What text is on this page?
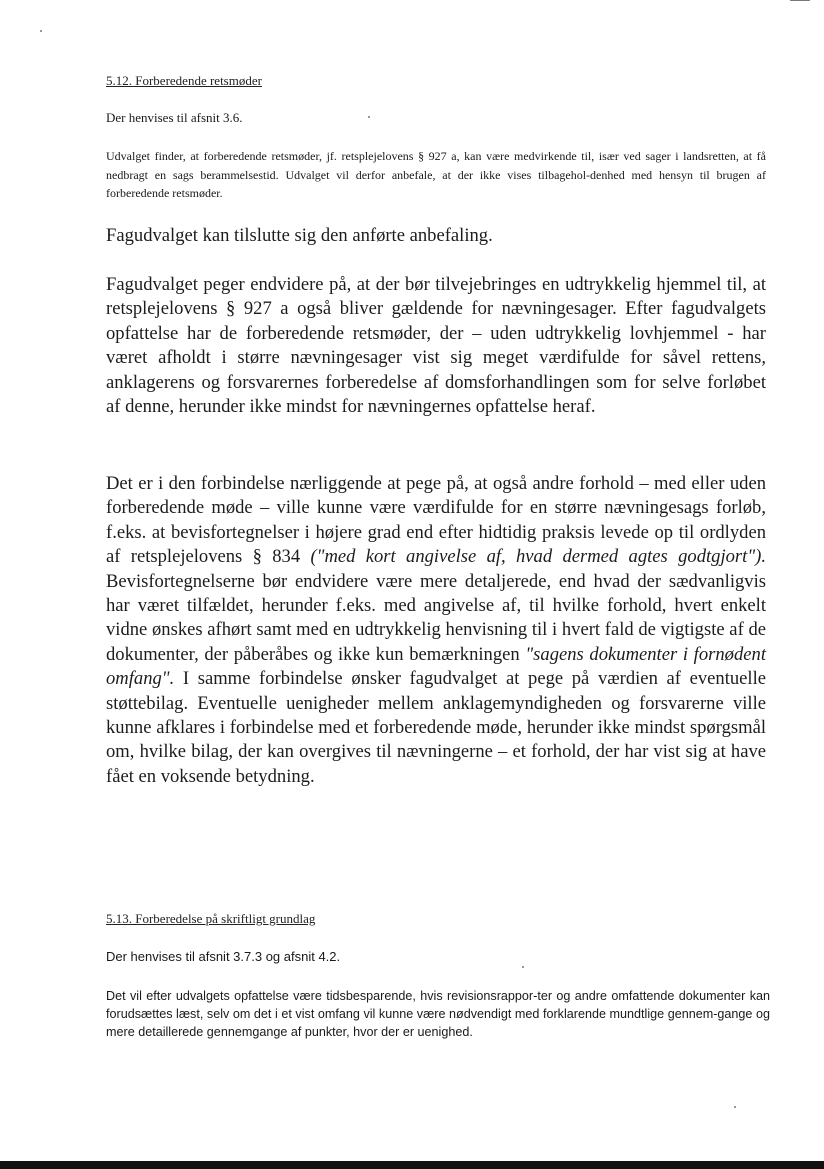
5.12. Forberedende retsmøder
Der henvises til afsnit 3.6.

Udvalget finder, at forberedende retsmøder, jf. retsplejelovens § 927 a, kan være medvirkende til, især ved sager i landsretten, at få nedbragt en sags berammelsestid. Udvalget vil derfor anbefale, at der ikke vises tilbagehol-denhed med hensyn til brugen af forberedende retsmøder.

Fagudvalget kan tilslutte sig den anførte anbefaling.

Fagudvalget peger endvidere på, at der bør tilvejebringes en udtrykkelig hjemmel til, at retsplejelovens § 927 a også bliver gældende for nævningesager. Efter fagudvalgets opfattelse har de forberedende retsmøder, der – uden udtrykkelig lovhjemmel - har været afholdt i større nævningesager vist sig meget værdifulde for såvel rettens, anklagerens og forsvarernes forberedelse af domsforhandlingen som for selve forløbet af denne, herunder ikke mindst for nævningernes opfattelse heraf.

Det er i den forbindelse nærliggende at pege på, at også andre forhold – med eller uden forberedende møde – ville kunne være værdifulde for en større nævningesags forløb, f.eks. at bevisfortegnelser i højere grad end efter hidtidig praksis levede op til ordlyden af retsplejelovens § 834 ("med kort angivelse af, hvad dermed agtes godtgjort"). Bevisfortegnelserne bør endvidere være mere detaljerede, end hvad der sædvanligvis har været tilfældet, herunder f.eks. med angivelse af, til hvilke forhold, hvert enkelt vidne ønskes afhørt samt med en udtrykkelig henvisning til i hvert fald de vigtigste af de dokumenter, der påberåbes og ikke kun bemærkningen "sagens dokumenter i fornødent omfang". I samme forbindelse ønsker fagudvalget at pege på værdien af eventuelle støttebilag. Eventuelle uenigheder mellem anklagemyndigheden og forsvarerne ville kunne afklares i forbindelse med et forberedende møde, herunder ikke mindst spørgsmål om, hvilke bilag, der kan overgives til nævningerne – et forhold, der har vist sig at have fået en voksende betydning.

5.13. Forberedelse på skriftligt grundlag
Der henvises til afsnit 3.7.3 og afsnit 4.2.

Det vil efter udvalgets opfattelse være tidsbesparende, hvis revisionsrappor-ter og andre omfattende dokumenter kan forudsættes læst, selv om det i et vist omfang vil kunne være nødvendigt med forklarende mundtlige gennem-gange og mere detaillerede gennemgange af punkter, hvor der er uenighed.
